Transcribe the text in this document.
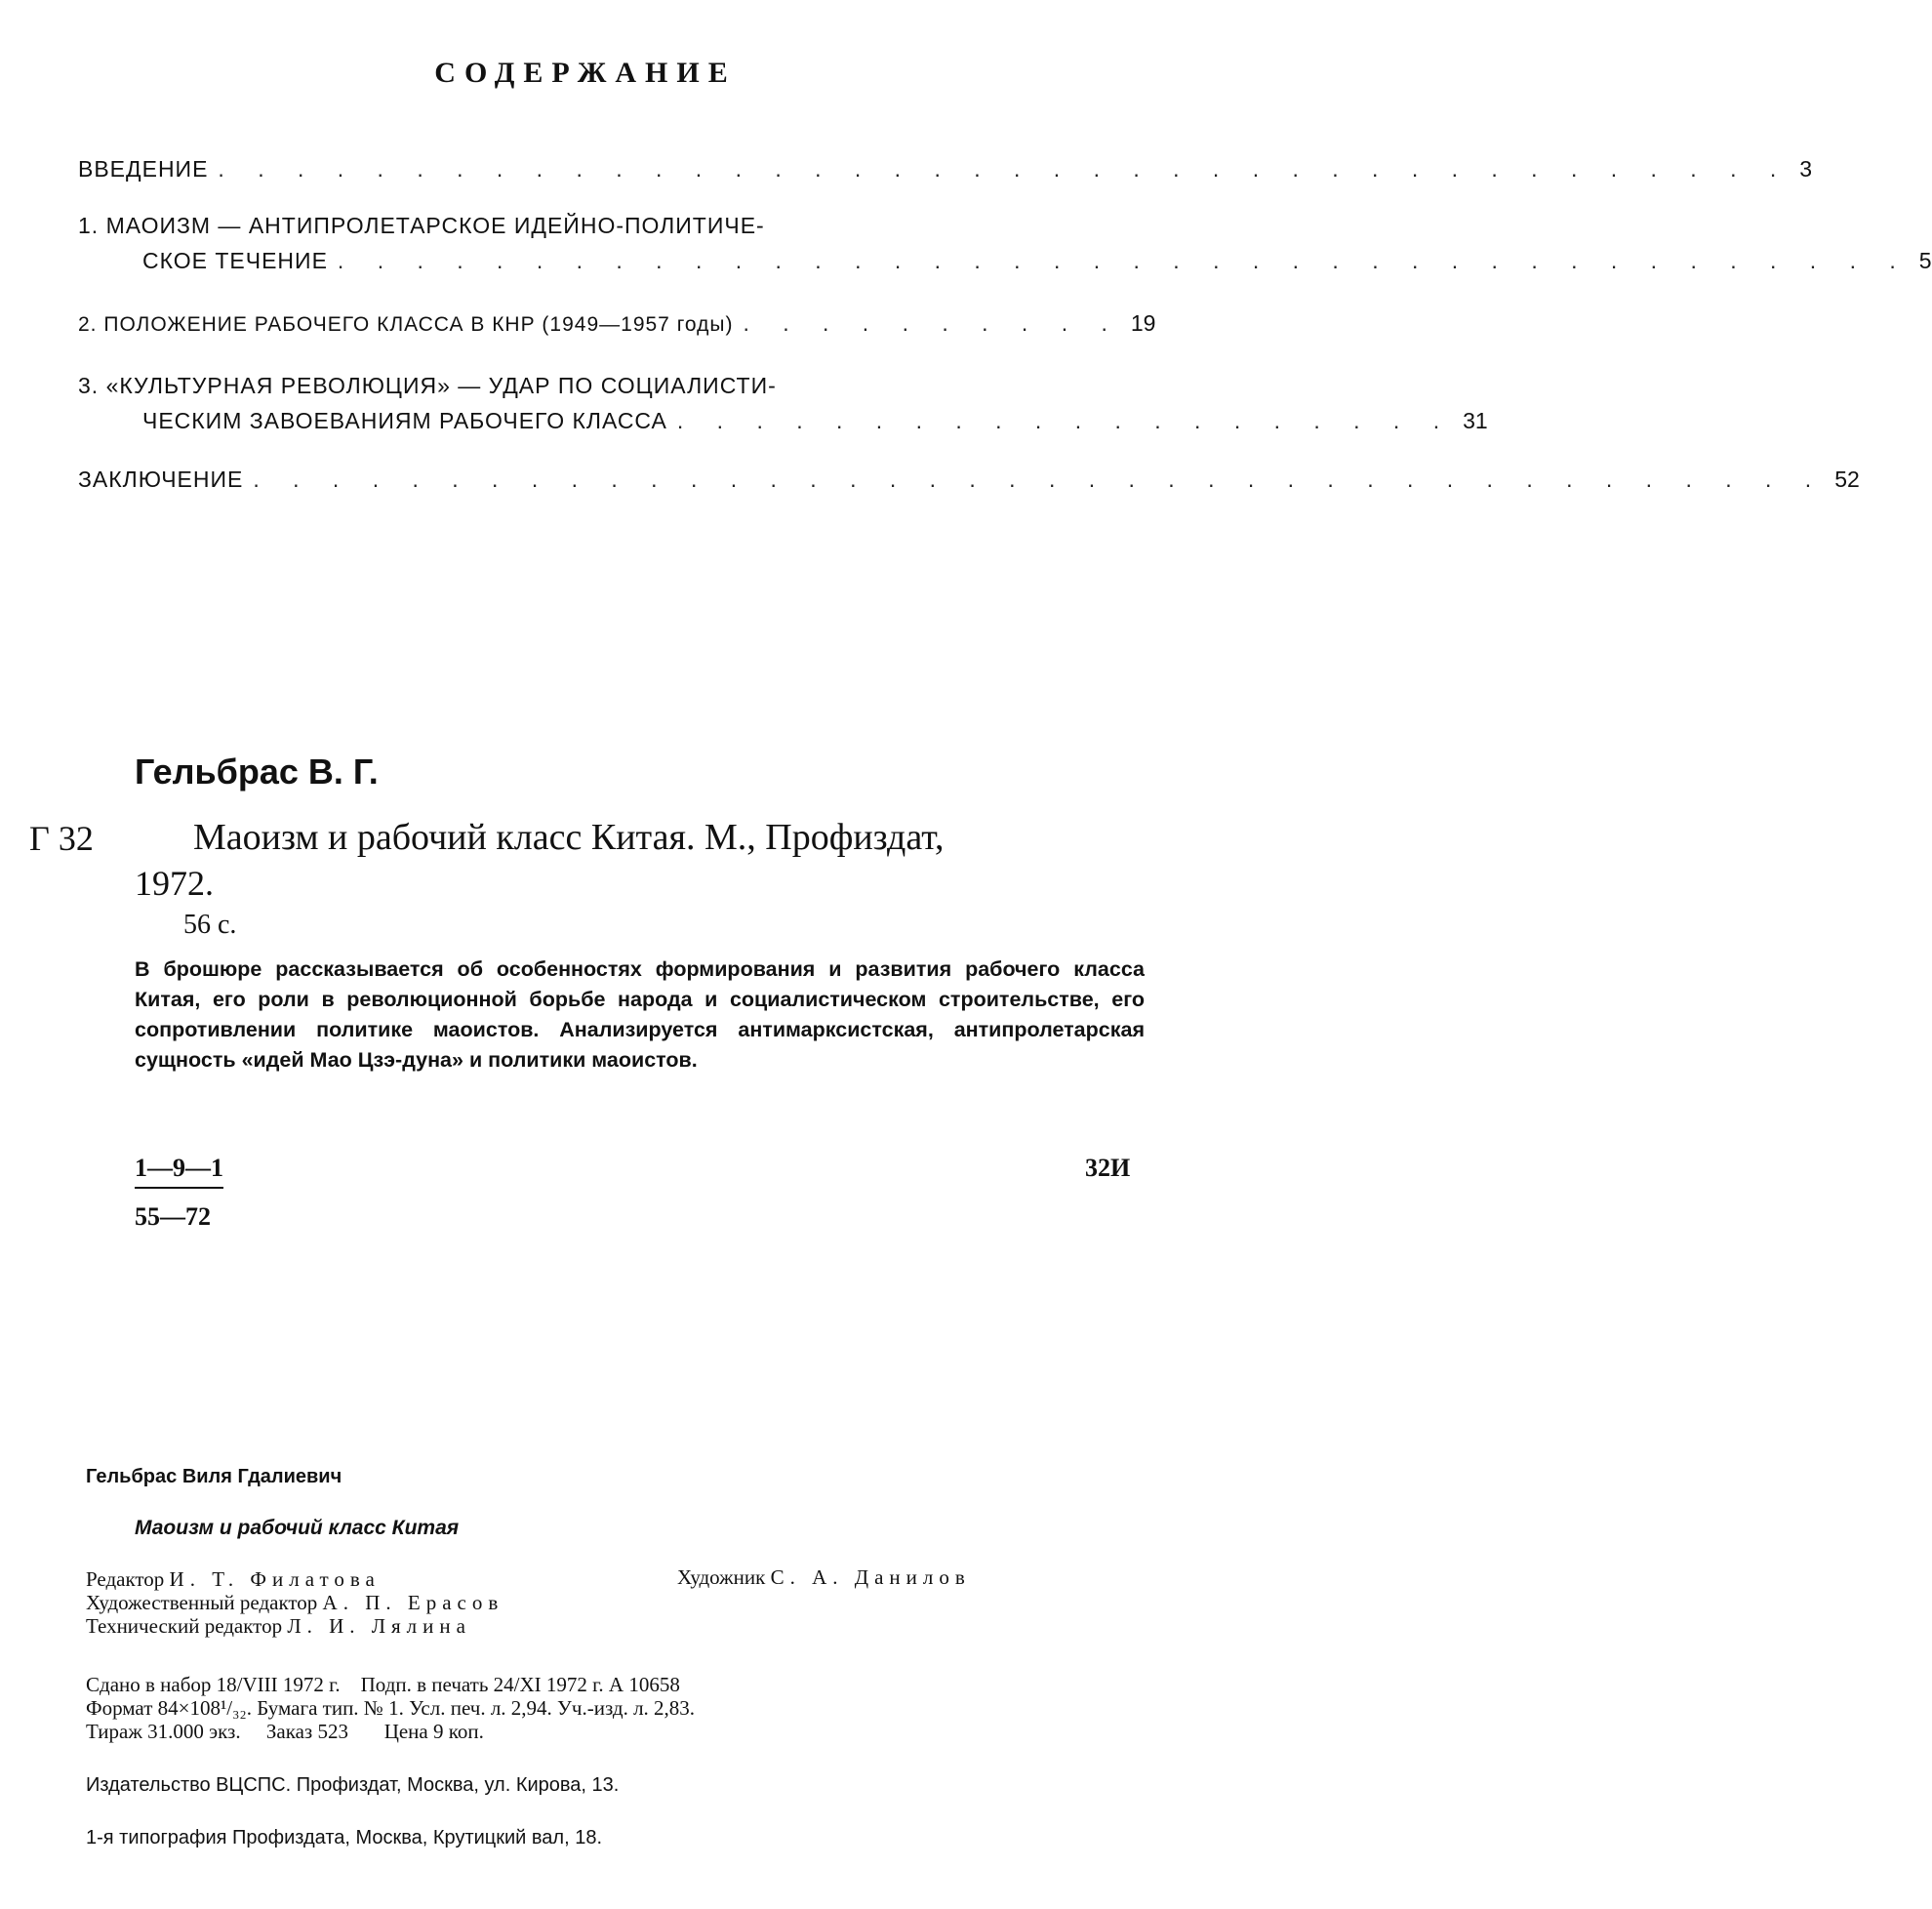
СОДЕРЖАНИЕ
ВВЕДЕНИЕ . . . . . . . . . . . . . . . . . . . . . . . . . . . . . . . . . . . . . . . . 3
1. МАОИЗМ — АНТИПРОЛЕТАРСКОЕ ИДЕЙНО-ПОЛИТИЧЕ-
СКОЕ ТЕЧЕНИЕ . . . . . . . . . . . . . . . . . . . . . . . . . . . . . . . . . . . . . . . . 5
2. ПОЛОЖЕНИЕ РАБОЧЕГО КЛАССА В КНР (1949—1957 годы) . . . . . . . . . . 19
3. «КУЛЬТУРНАЯ РЕВОЛЮЦИЯ» — УДАР ПО СОЦИАЛИСТИ-
ЧЕСКИМ ЗАВОЕВАНИЯМ РАБОЧЕГО КЛАССА . . . . . . . . . . . . . . . . . . . . 31
ЗАКЛЮЧЕНИЕ . . . . . . . . . . . . . . . . . . . . . . . . . . . . . . . . . . . . . . . . 52
Гельбрас В. Г.
Г 32	Маоизм и рабочий класс Китая. М., Профиздат,
1972.
56 с.
В брошюре рассказывается об особенностях формирования и развития рабочего класса Китая, его роли в революционной борьбе народа и социалистическом строительстве, его сопротивлении политике маоистов. Анализируется антимарксистская, антипролетарская сущность «идей Мао Цзэ-дуна» и политики маоистов.
1—9—1
55—72
32И
Гельбрас Виля Гдалиевич
Маоизм и рабочий класс Китая
Редактор И. Т. Филатова	Художник С. А. Данилов
Художественный редактор А. П. Ерасов
Технический редактор Л. И. Лялина
Сдано в набор 18/VIII 1972 г.    Подп. в печать 24/XI 1972 г. А 10658
Формат 84×108¹/₃₂. Бумага тип. № 1. Усл. печ. л. 2,94. Уч.-изд. л. 2,83.
Тираж 31.000 экз.     Заказ 523       Цена 9 коп.
Издательство ВЦСПС. Профиздат, Москва, ул. Кирова, 13.
1-я типография Профиздата, Москва, Крутицкий вал, 18.
